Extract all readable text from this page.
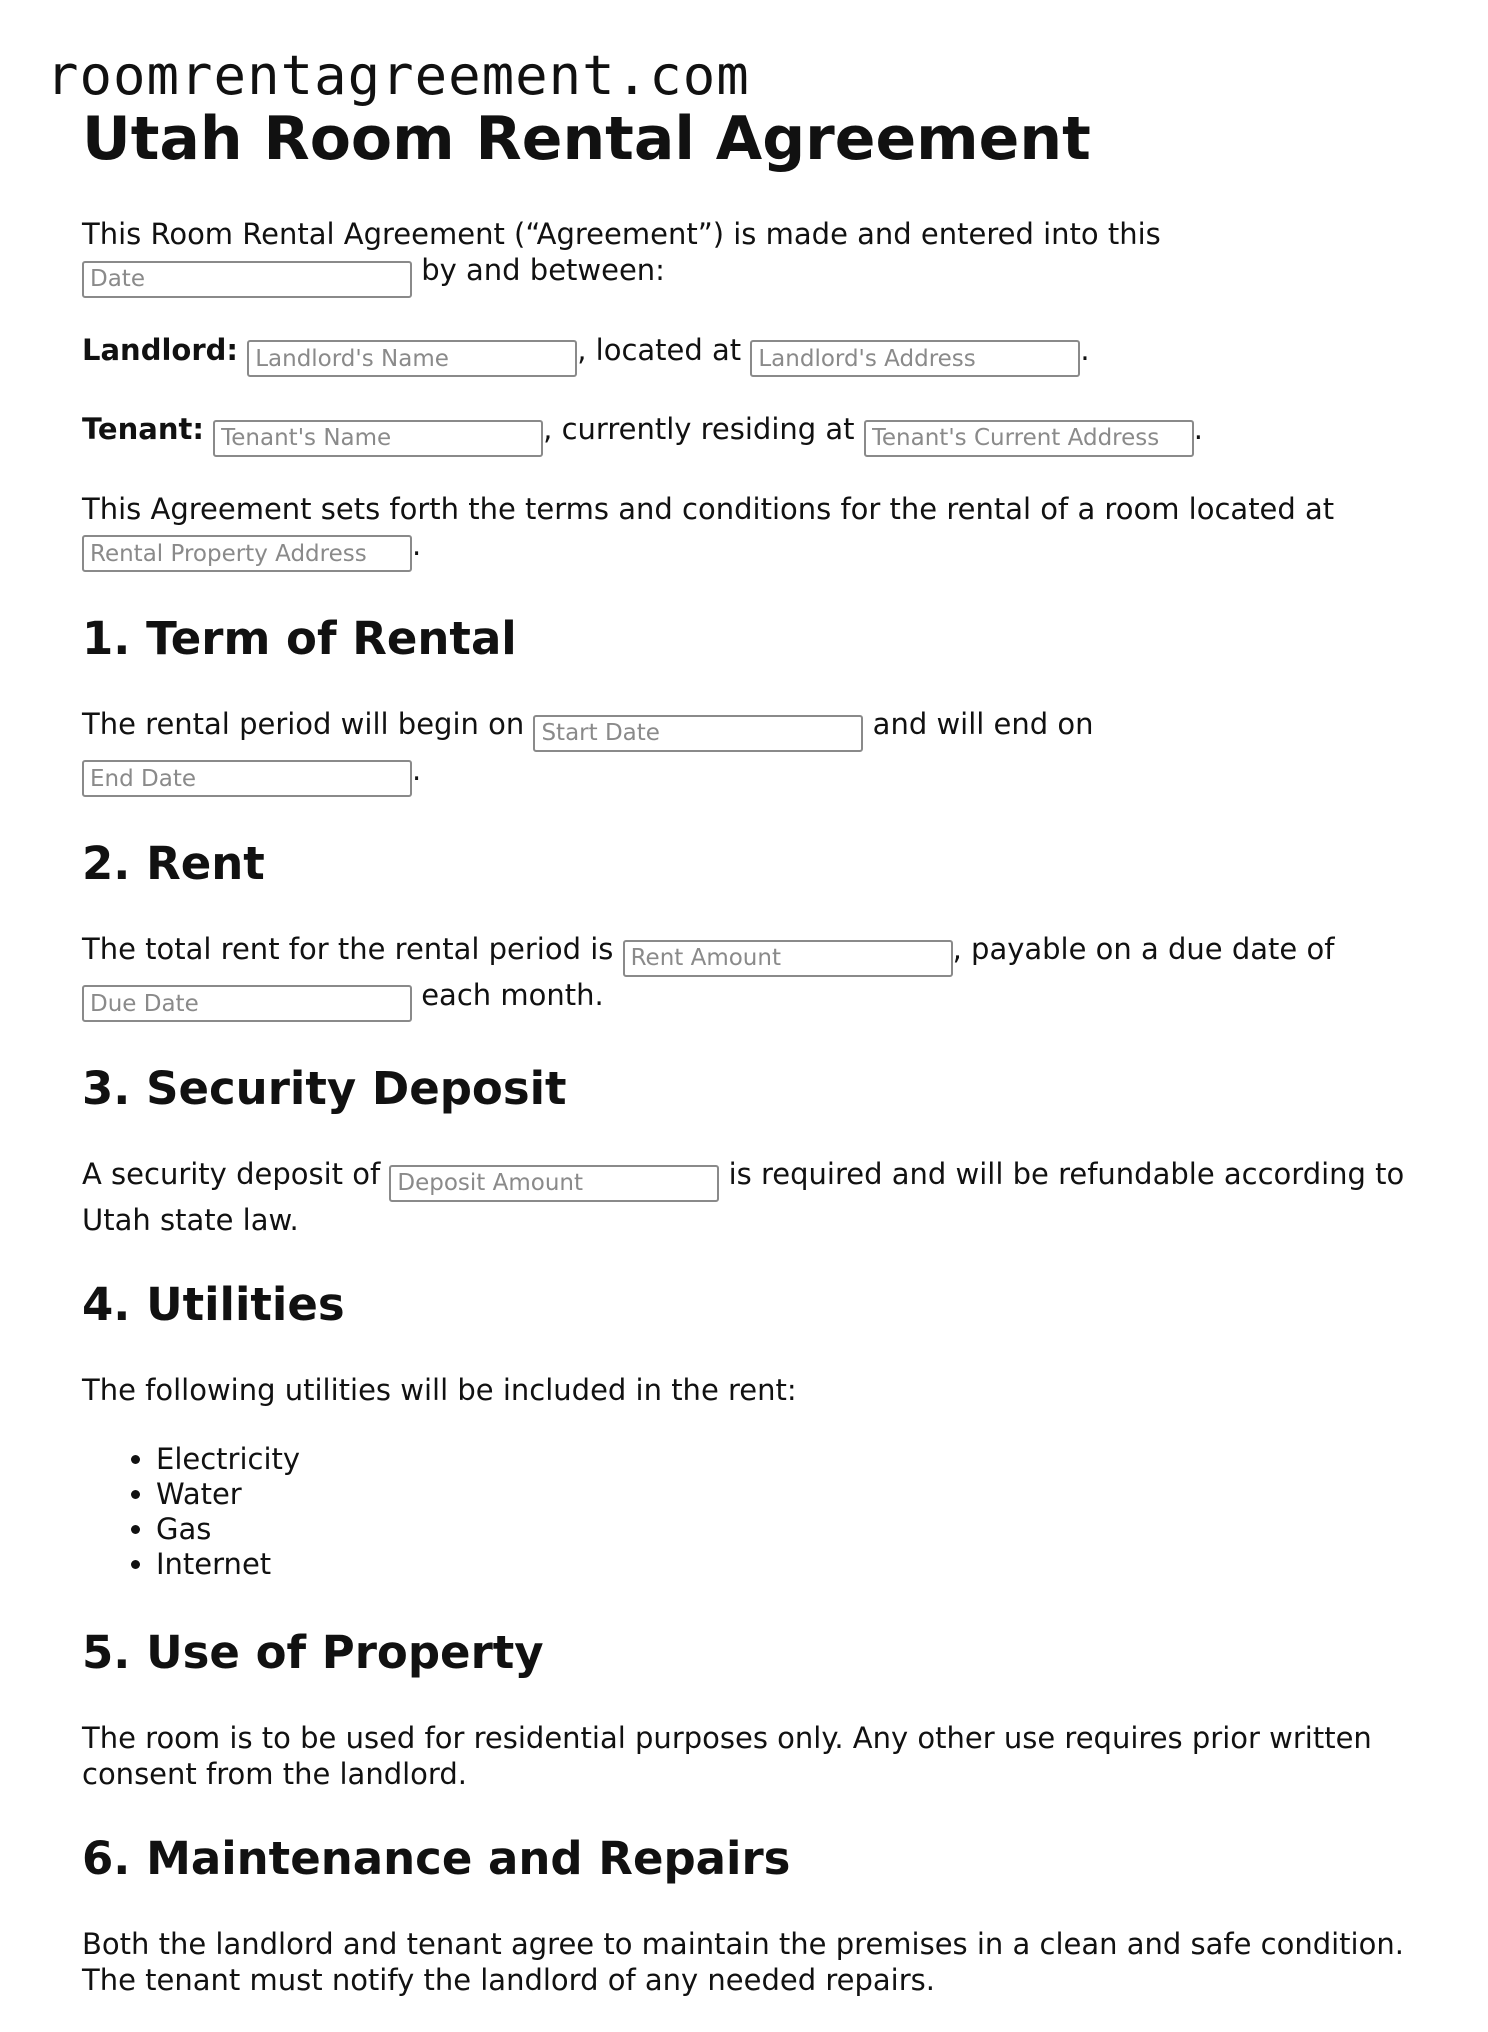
roomrentagreement.com
Utah Room Rental Agreement

This Room Rental Agreement (“Agreement”) is made and entered into this
Date by and between:

Landlord: Landlord's Name	, located at Landlord's Address	.

Tenant: Tenant's Name	, currently residing at Tenant's Current Address	.

This Agreement sets forth the terms and conditions for the rental of a room located at
Rental Property Address.

1. Term of Rental

The rental period will begin on Start Date	and will end on
End Date.

2. Rent

The total rent for the rental period is Rent Amount	, payable on a due date of
Due Date each month.

3. Security Deposit

A security deposit of Deposit Amount	is required and will be refundable according to Utah state law.

4. Utilities

The following utilities will be included in the rent:

• Electricity
• Water
• Gas
• Internet
5. Use of Property

The room is to be used for residential purposes only. Any other use requires prior written consent from the landlord.

6. Maintenance and Repairs

Both the landlord and tenant agree to maintain the premises in a clean and safe condition. The tenant must notify the landlord of any needed repairs.
